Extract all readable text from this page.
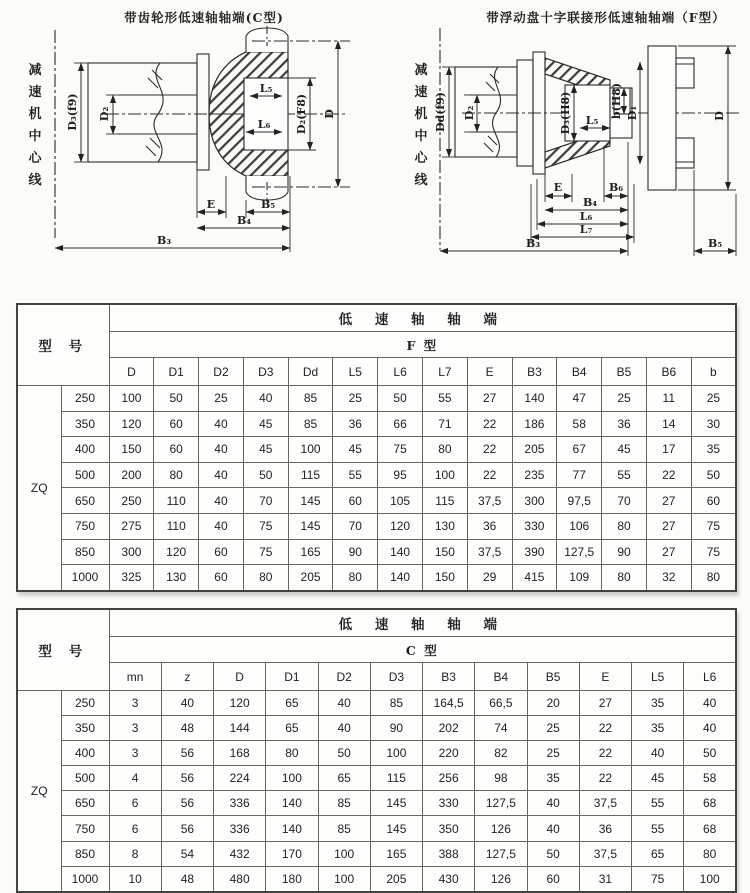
带齿轮形低速轴轴端(C型)	带浮动盘十字联接形低速轴轴端（F型）
D₃(f9) D₂
L₅
L₆ D₂(F8) D
E	B₅
B₄
B₃
减速机中心线
Dd(f9) D₂	D₃(H8) L₅
b(H8) D₁	D
E	B₆
B₄
L₆
L₇
B₃	B₅
减速机中心线
型 号		低 速 轴 轴 端													
		F 型													
		D	D1	D2	D3	Dd	L5	L6	L7	E	B3	B4	B5	B6	b
ZQ	250	100	50	25	40	85	25	50	55	27	140	47	25	11	25
	350	120	60	40	45	85	36	66	71	22	186	58	36	14	30
	400	150	60	40	45	100	45	75	80	22	205	67	45	17	35
	500	200	80	40	50	115	55	95	100	22	235	77	55	22	50
	650	250	110	40	70	145	60	105	115	37,5	300	97,5	70	27	60
	750	275	110	40	75	145	70	120	130	36	330	106	80	27	75
	850	300	120	60	75	165	90	140	150	37,5	390	127,5	90	27	75
	1000	325	130	60	80	205	80	140	150	29	415	109	80	32	80
型 号		低 速 轴 轴 端											
		C 型											
		mn	z	D	D1	D2	D3	B3	B4	B5	E	L5	L6
ZQ	250	3	40	120	65	40	85	164,5	66,5	20	27	35	40
	350	3	48	144	65	40	90	202	74	25	22	35	40
	400	3	56	168	80	50	100	220	82	25	22	40	50
	500	4	56	224	100	65	115	256	98	35	22	45	58
	650	6	56	336	140	85	145	330	127,5	40	37,5	55	68
	750	6	56	336	140	85	145	350	126	40	36	55	68
	850	8	54	432	170	100	165	388	127,5	50	37,5	65	80
	1000	10	48	480	180	100	205	430	126	60	31	75	100
